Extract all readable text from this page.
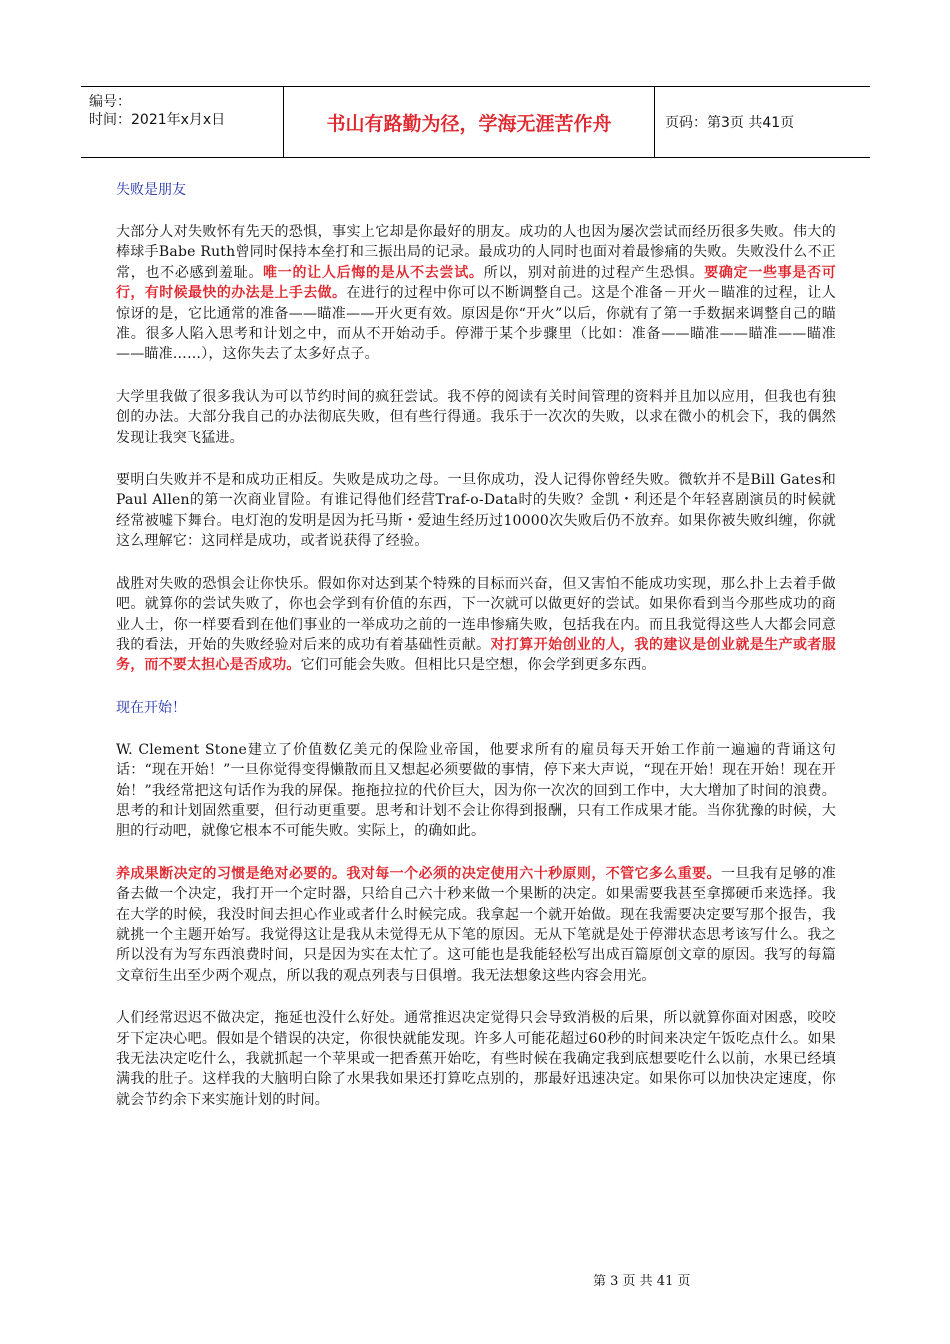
编号：
时间：2021年x月x日	书山有路勤为径，学海无涯苦作舟	页码：第3页 共41页
失败是朋友

大部分人对失败怀有先天的恐惧，事实上它却是你最好的朋友。成功的人也因为屡次尝试而经历很多失败。伟大的棒球手Babe Ruth曾同时保持本垒打和三振出局的记录。最成功的人同时也面对着最惨痛的失败。失败没什么不正常，也不必感到羞耻。唯一的让人后悔的是从不去尝试。所以，别对前进的过程产生恐惧。要确定一些事是否可行，有时候最快的办法是上手去做。在进行的过程中你可以不断调整自己。这是个准备－开火－瞄准的过程，让人惊讶的是，它比通常的准备——瞄准——开火更有效。原因是你“开火”以后，你就有了第一手数据来调整自己的瞄准。很多人陷入思考和计划之中，而从不开始动手。停滞于某个步骤里（比如：准备——瞄准——瞄准——瞄准——瞄准……），这你失去了太多好点子。

大学里我做了很多我认为可以节约时间的疯狂尝试。我不停的阅读有关时间管理的资料并且加以应用，但我也有独创的办法。大部分我自己的办法彻底失败，但有些行得通。我乐于一次次的失败，以求在微小的机会下，我的偶然发现让我突飞猛进。

要明白失败并不是和成功正相反。失败是成功之母。一旦你成功，没人记得你曾经失败。微软并不是Bill Gates和Paul Allen的第一次商业冒险。有谁记得他们经营Traf-o-Data时的失败？金凯・利还是个年轻喜剧演员的时候就经常被嘘下舞台。电灯泡的发明是因为托马斯・爱迪生经历过10000次失败后仍不放弃。如果你被失败纠缠，你就这么理解它：这同样是成功，或者说获得了经验。

战胜对失败的恐惧会让你快乐。假如你对达到某个特殊的目标而兴奋，但又害怕不能成功实现，那么扑上去着手做吧。就算你的尝试失败了，你也会学到有价值的东西，下一次就可以做更好的尝试。如果你看到当今那些成功的商业人士，你一样要看到在他们事业的一举成功之前的一连串惨痛失败，包括我在内。而且我觉得这些人大都会同意我的看法，开始的失败经验对后来的成功有着基础性贡献。对打算开始创业的人，我的建议是创业就是生产或者服务，而不要太担心是否成功。它们可能会失败。但相比只是空想，你会学到更多东西。

现在开始！

W. Clement Stone建立了价值数亿美元的保险业帝国，他要求所有的雇员每天开始工作前一遍遍的背诵这句话：“现在开始！”一旦你觉得变得懒散而且又想起必须要做的事情，停下来大声说，“现在开始！现在开始！现在开始！”我经常把这句话作为我的屏保。拖拖拉拉的代价巨大，因为你一次次的回到工作中，大大增加了时间的浪费。思考的和计划固然重要，但行动更重要。思考和计划不会让你得到报酬，只有工作成果才能。当你犹豫的时候，大胆的行动吧，就像它根本不可能失败。实际上，的确如此。

养成果断决定的习惯是绝对必要的。我对每一个必须的决定使用六十秒原则，不管它多么重要。一旦我有足够的准备去做一个决定，我打开一个定时器，只给自己六十秒来做一个果断的决定。如果需要我甚至拿掷硬币来选择。我在大学的时候，我没时间去担心作业或者什么时候完成。我拿起一个就开始做。现在我需要决定要写那个报告，我就挑一个主题开始写。我觉得这让是我从未觉得无从下笔的原因。无从下笔就是处于停滞状态思考该写什么。我之所以没有为写东西浪费时间，只是因为实在太忙了。这可能也是我能轻松写出成百篇原创文章的原因。我写的每篇文章衍生出至少两个观点，所以我的观点列表与日俱增。我无法想象这些内容会用光。

人们经常迟迟不做决定，拖延也没什么好处。通常推迟决定觉得只会导致消极的后果，所以就算你面对困惑，咬咬牙下定决心吧。假如是个错误的决定，你很快就能发现。许多人可能花超过60秒的时间来决定午饭吃点什么。如果我无法决定吃什么，我就抓起一个苹果或一把香蕉开始吃，有些时候在我确定我到底想要吃什么以前，水果已经填满我的肚子。这样我的大脑明白除了水果我如果还打算吃点别的，那最好迅速决定。如果你可以加快决定速度，你就会节约余下来实施计划的时间。

第 3 页 共 41 页
